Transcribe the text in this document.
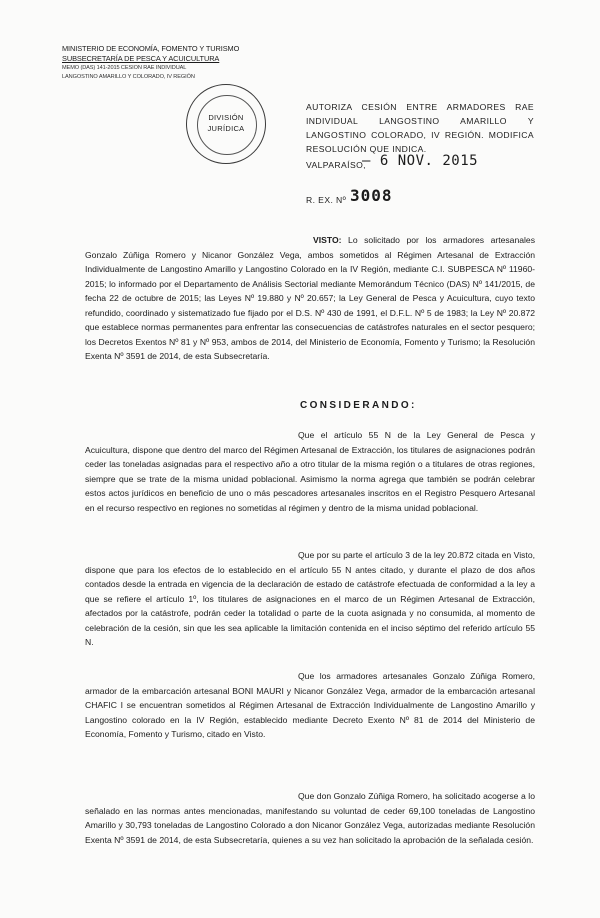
MINISTERIO DE ECONOMÍA, FOMENTO Y TURISMO
SUBSECRETARÍA DE PESCA Y ACUICULTURA
MEMO (DAS) 141-2015 CESION RAE INDIVIDUAL
LANGOSTINO AMARILLO Y COLORADO, IV REGIÓN
DIVISIÓN
JURÍDICA
AUTORIZA CESIÓN ENTRE ARMADORES RAE INDIVIDUAL LANGOSTINO AMARILLO Y LANGOSTINO COLORADO, IV REGIÓN. MODIFICA RESOLUCIÓN QUE INDICA.
VALPARAÍSO,
– 6 NOV. 2015
R. EX. Nº 3008
VISTO: Lo solicitado por los armadores artesanales Gonzalo Zúñiga Romero y Nicanor González Vega, ambos sometidos al Régimen Artesanal de Extracción Individualmente de Langostino Amarillo y Langostino Colorado en la IV Región, mediante C.I. SUBPESCA Nº 11960-2015; lo informado por el Departamento de Análisis Sectorial mediante Memorándum Técnico (DAS) Nº 141/2015, de fecha 22 de octubre de 2015; las Leyes Nº 19.880 y Nº 20.657; la Ley General de Pesca y Acuicultura, cuyo texto refundido, coordinado y sistematizado fue fijado por el D.S. Nº 430 de 1991, el D.F.L. Nº 5 de 1983; la Ley Nº 20.872 que establece normas permanentes para enfrentar las consecuencias de catástrofes naturales en el sector pesquero; los Decretos Exentos Nº 81 y Nº 953, ambos de 2014, del Ministerio de Economía, Fomento y Turismo; la Resolución Exenta Nº 3591 de 2014, de esta Subsecretaría.
CONSIDERANDO:
Que el artículo 55 N de la Ley General de Pesca y Acuicultura, dispone que dentro del marco del Régimen Artesanal de Extracción, los titulares de asignaciones podrán ceder las toneladas asignadas para el respectivo año a otro titular de la misma región o a titulares de otras regiones, siempre que se trate de la misma unidad poblacional. Asimismo la norma agrega que también se podrán celebrar estos actos jurídicos en beneficio de uno o más pescadores artesanales inscritos en el Registro Pesquero Artesanal en el recurso respectivo en regiones no sometidas al régimen y dentro de la misma unidad poblacional.
Que por su parte el artículo 3 de la ley 20.872 citada en Visto, dispone que para los efectos de lo establecido en el artículo 55 N antes citado, y durante el plazo de dos años contados desde la entrada en vigencia de la declaración de estado de catástrofe efectuada de conformidad a la ley a que se refiere el artículo 1º, los titulares de asignaciones en el marco de un Régimen Artesanal de Extracción, afectados por la catástrofe, podrán ceder la totalidad o parte de la cuota asignada y no consumida, al momento de celebración de la cesión, sin que les sea aplicable la limitación contenida en el inciso séptimo del referido artículo 55 N.
Que los armadores artesanales Gonzalo Zúñiga Romero, armador de la embarcación artesanal BONI MAURI y Nicanor González Vega, armador de la embarcación artesanal CHAFIC I se encuentran sometidos al Régimen Artesanal de Extracción Individualmente de Langostino Amarillo y Langostino colorado en la IV Región, establecido mediante Decreto Exento Nº 81 de 2014 del Ministerio de Economía, Fomento y Turismo, citado en Visto.
Que don Gonzalo Zúñiga Romero, ha solicitado acogerse a lo señalado en las normas antes mencionadas, manifestando su voluntad de ceder 69,100 toneladas de Langostino Amarillo y 30,793 toneladas de Langostino Colorado a don Nicanor González Vega, autorizadas mediante Resolución Exenta Nº 3591 de 2014, de esta Subsecretaría, quienes a su vez han solicitado la aprobación de la señalada cesión.
